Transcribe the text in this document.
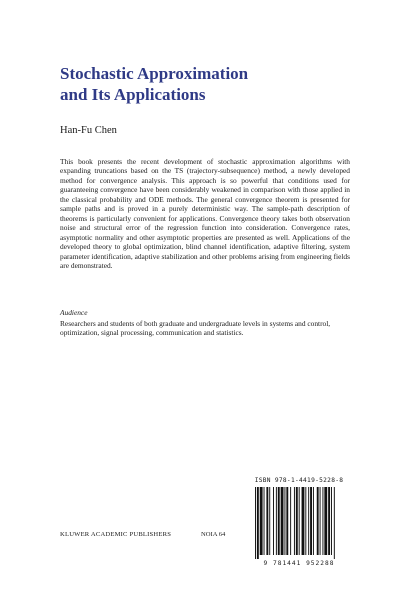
Stochastic Approximation
and Its Applications
Han-Fu Chen

This book presents the recent development of stochastic approximation algorithms with expanding truncations based on the TS (trajectory-subsequence) method, a newly developed method for convergence analysis. This approach is so powerful that conditions used for guaranteeing convergence have been considerably weakened in comparison with those applied in the classical probability and ODE methods. The general convergence theorem is presented for sample paths and is proved in a purely deterministic way. The sample-path description of theorems is particularly convenient for applications. Convergence theory takes both observation noise and structural error of the regression function into consideration. Convergence rates, asymptotic normality and other asymptotic properties are presented as well. Applications of the developed theory to global optimization, blind channel identification, adaptive filtering, system parameter identification, adaptive stabilization and other problems arising from engineering fields are demonstrated.

Audience

Researchers and students of both graduate and undergraduate levels in systems and control, optimization, signal processing, communication and statistics.

KLUWER ACADEMIC PUBLISHERS	NOIA 64
ISBN 978-1-4419-5228-8
9 781441 952288
